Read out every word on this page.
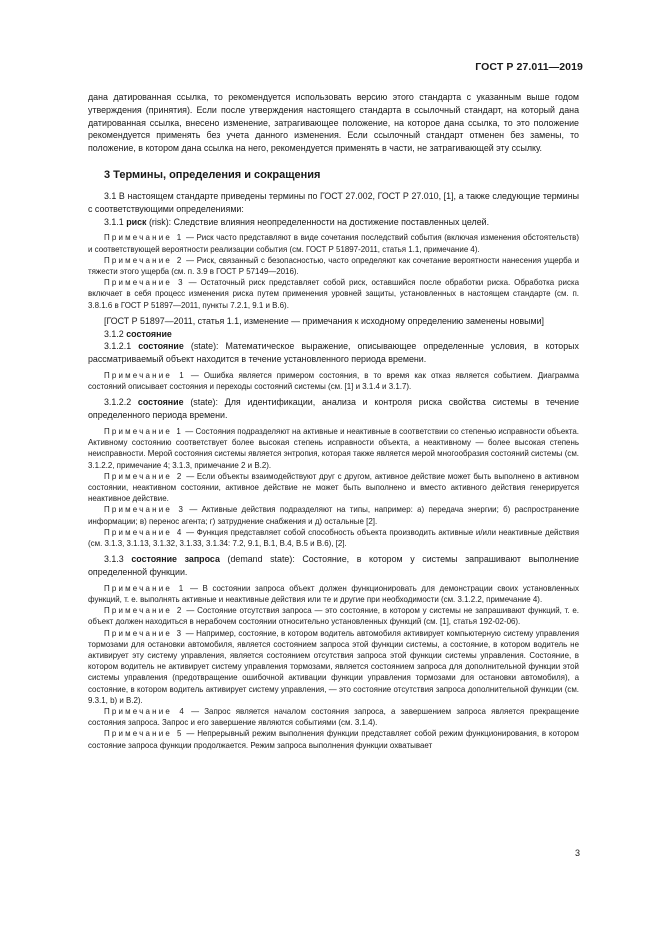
ГОСТ Р 27.011—2019

дана датированная ссылка, то рекомендуется использовать версию этого стандарта с указанным выше годом утверждения (принятия). Если после утверждения настоящего стандарта в ссылочный стандарт, на который дана датированная ссылка, внесено изменение, затрагивающее положение, на которое дана ссылка, то это положение рекомендуется применять без учета данного изменения. Если ссылочный стандарт отменен без замены, то положение, в котором дана ссылка на него, рекомендуется применять в части, не затрагивающей эту ссылку.

3 Термины, определения и сокращения

3.1 В настоящем стандарте приведены термины по ГОСТ 27.002, ГОСТ Р 27.010, [1], а также следующие термины с соответствующими определениями:

3.1.1 риск (risk): Следствие влияния неопределенности на достижение поставленных целей.

Примечание 1 — Риск часто представляют в виде сочетания последствий события (включая изменения обстоятельств) и соответствующей вероятности реализации события (см. ГОСТ Р 51897-2011, статья 1.1, примечание 4).

Примечание 2 — Риск, связанный с безопасностью, часто определяют как сочетание вероятности нанесения ущерба и тяжести этого ущерба (см. п. 3.9 в ГОСТ Р 57149—2016).

Примечание 3 — Остаточный риск представляет собой риск, оставшийся после обработки риска. Обработка риска включает в себя процесс изменения риска путем применения уровней защиты, установленных в настоящем стандарте (см. п. 3.8.1.6 в ГОСТ Р 51897—2011, пункты 7.2.1, 9.1 и В.6).

[ГОСТ Р 51897—2011, статья 1.1, изменение — примечания к исходному определению заменены новыми]

3.1.2 состояние

3.1.2.1 состояние (state): Математическое выражение, описывающее определенные условия, в которых рассматриваемый объект находится в течение установленного периода времени.

Примечание 1 — Ошибка является примером состояния, в то время как отказ является событием. Диаграмма состояний описывает состояния и переходы состояний системы (см. [1] и 3.1.4 и 3.1.7).

3.1.2.2 состояние (state): Для идентификации, анализа и контроля риска свойства системы в течение определенного периода времени.

Примечание 1 — Состояния подразделяют на активные и неактивные в соответствии со степенью исправности объекта. Активному состоянию соответствует более высокая степень исправности объекта, а неактивному — более высокая степень неисправности. Мерой состояния системы является энтропия, которая также является мерой многообразия состояний системы (см. 3.1.2.2, примечание 4; 3.1.3, примечание 2 и В.2).

Примечание 2 — Если объекты взаимодействуют друг с другом, активное действие может быть выполнено в активном состоянии, неактивном состоянии, активное действие не может быть выполнено и вместо активного действия генерируется неактивное действие.

Примечание 3 — Активные действия подразделяют на типы, например: а) передача энергии; б) распространение информации; в) перенос агента; г) затруднение снабжения и д) остальные [2].

Примечание 4 — Функция представляет собой способность объекта производить активные и/или неактивные действия (см. 3.1.3, 3.1.13, 3.1.32, 3.1.33, 3.1.34: 7.2, 9.1, В.1, В.4, В.5 и В.6), [2].

3.1.3 состояние запроса (demand state): Состояние, в котором у системы запрашивают выполнение определенной функции.

Примечание 1 — В состоянии запроса объект должен функционировать для демонстрации своих установленных функций, т. е. выполнять активные и неактивные действия или те и другие при необходимости (см. 3.1.2.2, примечание 4).

Примечание 2 — Состояние отсутствия запроса — это состояние, в котором у системы не запрашивают функций, т. е. объект должен находиться в нерабочем состоянии относительно установленных функций (см. [1], статья 192-02-06).

Примечание 3 — Например, состояние, в котором водитель автомобиля активирует компьютерную систему управления тормозами для остановки автомобиля, является состоянием запроса этой функции системы, а состояние, в котором водитель не активирует эту систему управления, является состоянием отсутствия запроса этой функции системы управления. Состояние, в котором водитель не активирует систему управления тормозами, является состоянием запроса для дополнительной функции этой системы управления (предотвращение ошибочной активации функции управления тормозами для остановки автомобиля), а состояние, в котором водитель активирует систему управления, — это состояние отсутствия запроса дополнительной функции (см. 9.3.1, b) и В.2).

Примечание 4 — Запрос является началом состояния запроса, а завершением запроса является прекращение состояния запроса. Запрос и его завершение являются событиями (см. 3.1.4).

Примечание 5 — Непрерывный режим выполнения функции представляет собой режим функционирования, в котором состояние запроса функции продолжается. Режим запроса выполнения функции охватывает

3
